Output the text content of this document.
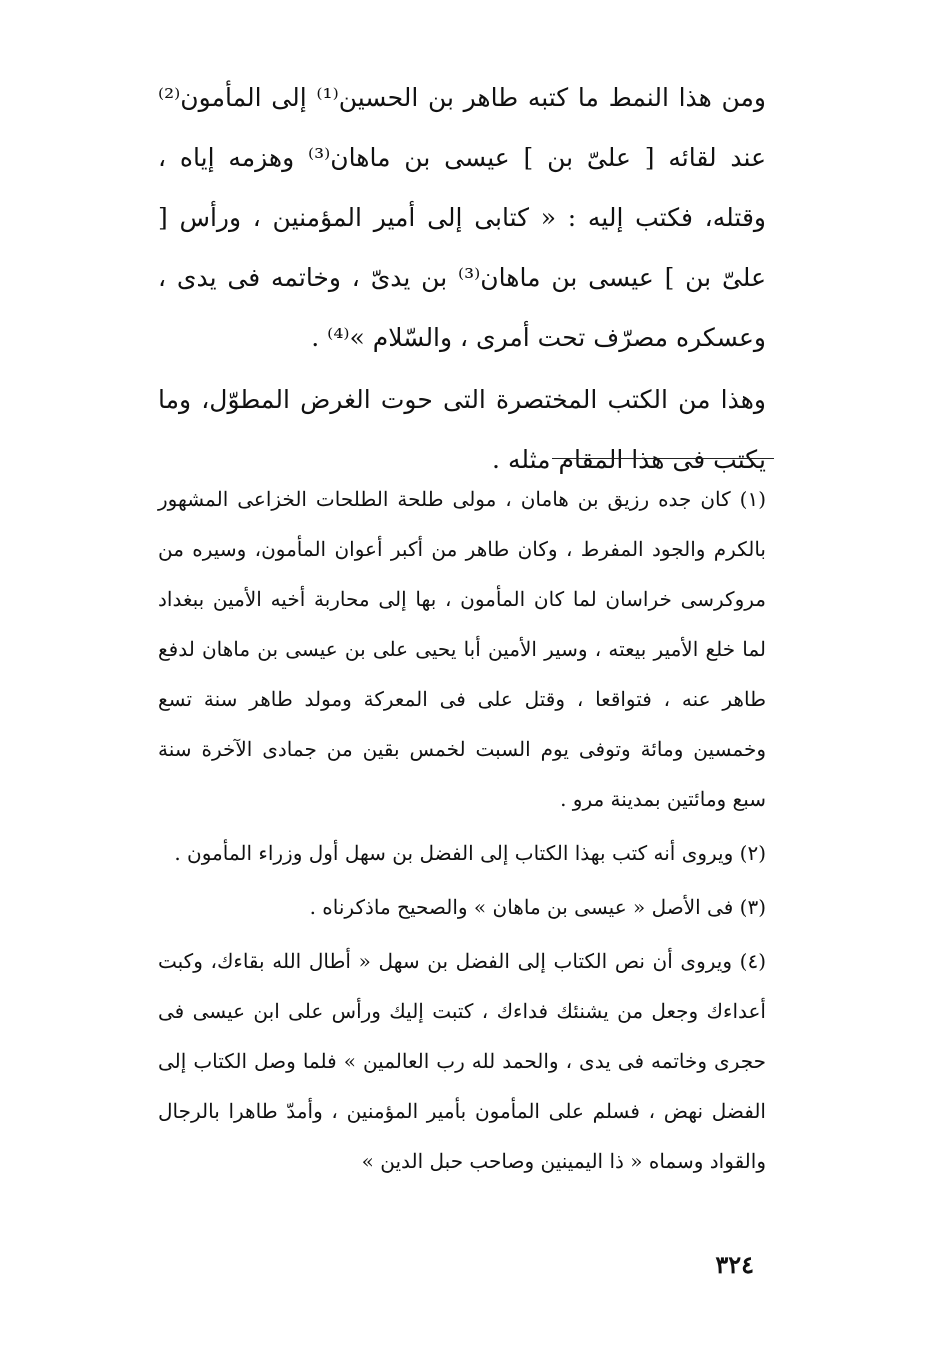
ومن هذا النمط ما كتبه طاهر بن الحسين⁽¹⁾ إلى المأمون⁽²⁾ عند لقائه [ علىّ بن ] عيسى بن ماهان⁽³⁾ وهزمه إياه ، وقتله، فكتب إليه : « كتابى إلى أمير المؤمنين ، ورأس [ علىّ بن ] عيسى بن ماهان⁽³⁾ بن يدىّ ، وخاتمه فى يدى ، وعسكره مصرّف تحت أمرى ، والسّلام »⁽⁴⁾ .

وهذا من الكتب المختصرة التى حوت الغرض المطوّل، وما يكتب فى هذا المقام مثله .

(١) كان جده رزيق بن هامان ، مولى طلحة الطلحات الخزاعى المشهور بالكرم والجود المفرط ، وكان طاهر من أكبر أعوان المأمون، وسيره من مروكرسى خراسان لما كان المأمون ، بها إلى محاربة أخيه الأمين ببغداد لما خلع الأمير بيعته ، وسير الأمين أبا يحيى على بن عيسى بن ماهان لدفع طاهر عنه ، فتواقعا ، وقتل على فى المعركة ومولد طاهر سنة تسع وخمسين ومائة وتوفى يوم السبت لخمس بقين من جمادى الآخرة سنة سبع ومائتين بمدينة مرو .

(٢) ويروى أنه كتب بهذا الكتاب إلى الفضل بن سهل أول وزراء المأمون .

(٣) فى الأصل « عيسى بن ماهان » والصحيح ماذكرناه .

(٤) ويروى أن نص الكتاب إلى الفضل بن سهل « أطال الله بقاءك، وكبت أعداءك وجعل من يشنئك فداءك ، كتبت إليك ورأس على ابن عيسى فى حجرى وخاتمه فى يدى ، والحمد لله رب العالمين » فلما وصل الكتاب إلى الفضل نهض ، فسلم على المأمون بأمير المؤمنين ، وأمدّ طاهرا بالرجال والقواد وسماه « ذا اليمينين وصاحب حبل الدين »

٣٢٤
